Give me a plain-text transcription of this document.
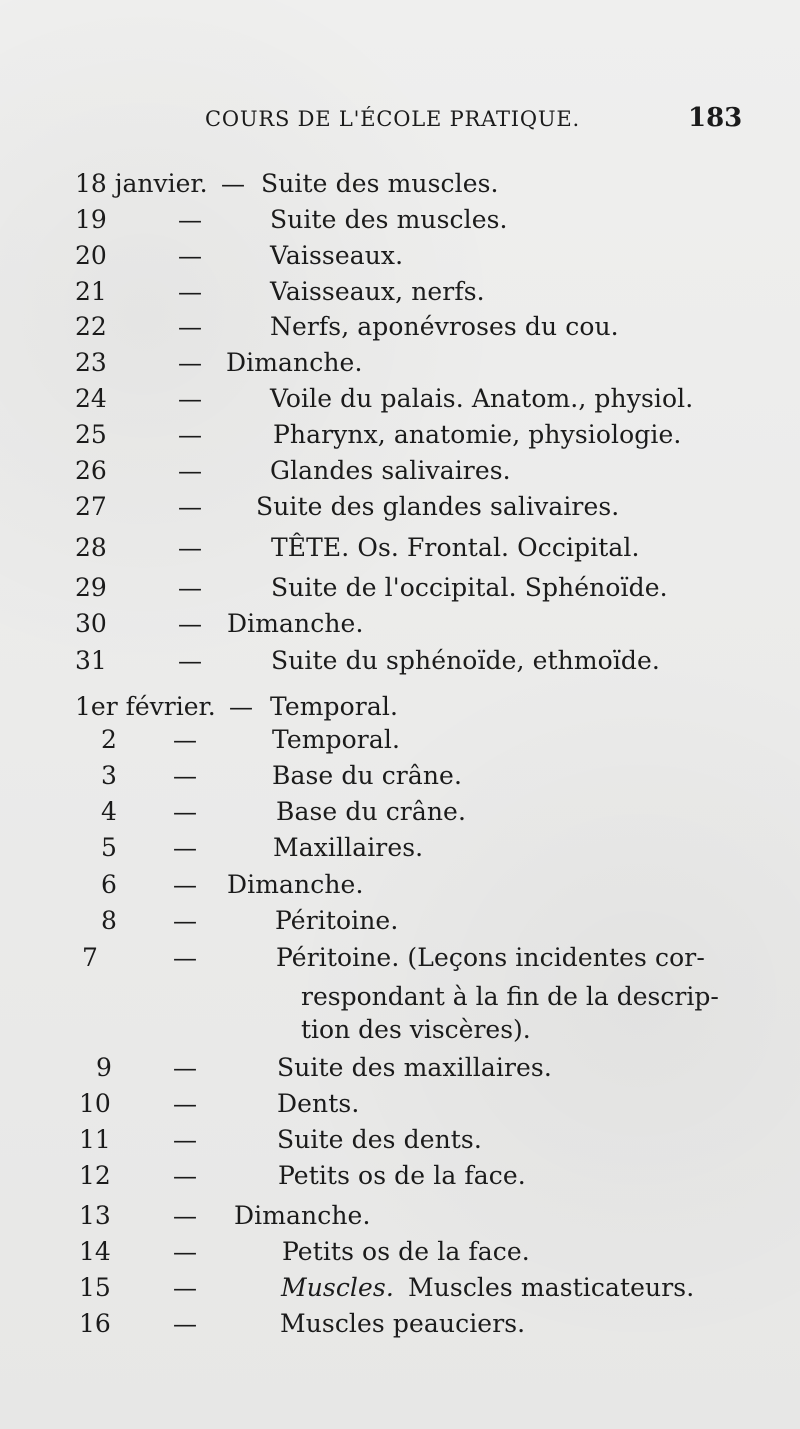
COURS DE L'ÉCOLE PRATIQUE.	183
18 janvier. — Suite des muscles.
19	—	Suite des muscles.
20	—	Vaisseaux.
21	—	Vaisseaux, nerfs.
22	—	Nerfs, aponévroses du cou.
23	— Dimanche.
24	—	Voile du palais. Anatom., physiol.
25	—	Pharynx, anatomie, physiologie.
26	—	Glandes salivaires.
27	— Suite des glandes salivaires.
28	—	TÊTE. Os. Frontal. Occipital.
29	—	Suite de l'occipital. Sphénoïde.
30	— Dimanche.
31	—	Suite du sphénoïde, ethmoïde.
1er février. — Temporal.
2 —	Temporal.
3 —	Base du crâne.
4 —	Base du crâne.
5 —	Maxillaires.
6 — Dimanche.
8 —	Péritoine.
7	—	Péritoine. (Leçons incidentes cor-
respondant à la fin de la descrip-
tion des viscères).
9	—	Suite des maxillaires.
10	—	Dents.
11	—	Suite des dents.
12	—	Petits os de la face.
13	— Dimanche.
14	—	Petits os de la face.
15	—	Muscles. Muscles masticateurs.
16	—	Muscles peauciers.
